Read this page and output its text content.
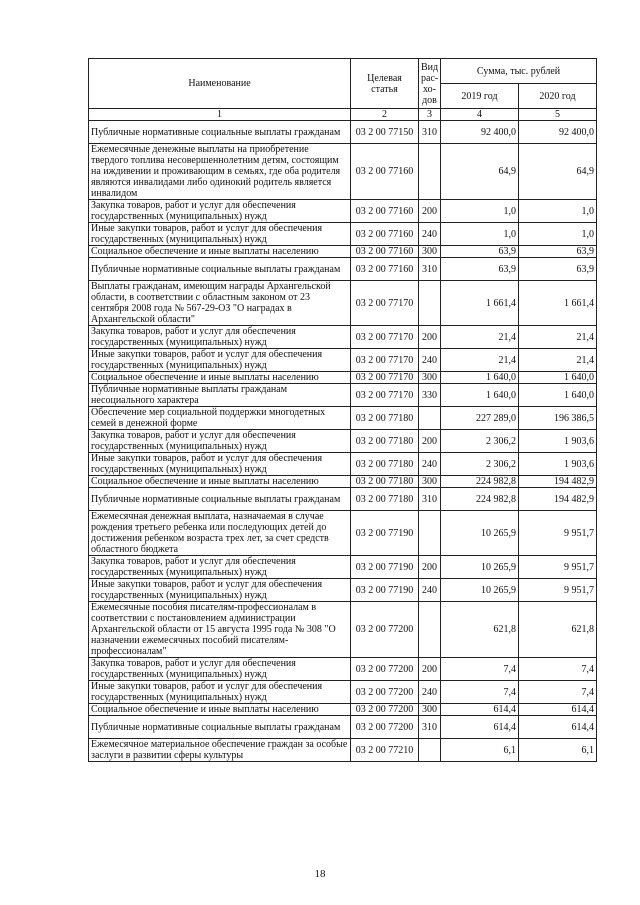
Наименование	Целевая статья	Вид рас-хо-дов	Сумма, тыс. рублей	
			2019 год	2020 год
1	2	3	4	5
Публичные нормативные социальные выплаты гражданам	03 2 00 77150	310	92 400,0	92 400,0
Ежемесячные денежные выплаты на приобретение твердого топлива несовершеннолетним детям, состоящим на иждивении и проживающим в семьях, где оба родителя являются инвалидами либо одинокий родитель является инвалидом	03 2 00 77160		64,9	64,9
Закупка товаров, работ и услуг для обеспечения государственных (муниципальных) нужд	03 2 00 77160	200	1,0	1,0
Иные закупки товаров, работ и услуг для обеспечения государственных (муниципальных) нужд	03 2 00 77160	240	1,0	1,0
Социальное обеспечение и иные выплаты населению	03 2 00 77160	300	63,9	63,9
Публичные нормативные социальные выплаты гражданам	03 2 00 77160	310	63,9	63,9
Выплаты гражданам, имеющим награды Архангельской области, в соответствии с областным законом от 23 сентября 2008 года № 567-29-ОЗ "О наградах в Архангельской области"	03 2 00 77170		1 661,4	1 661,4
Закупка товаров, работ и услуг для обеспечения государственных (муниципальных) нужд	03 2 00 77170	200	21,4	21,4
Иные закупки товаров, работ и услуг для обеспечения государственных (муниципальных) нужд	03 2 00 77170	240	21,4	21,4
Социальное обеспечение и иные выплаты населению	03 2 00 77170	300	1 640,0	1 640,0
Публичные нормативные выплаты гражданам несоциального характера	03 2 00 77170	330	1 640,0	1 640,0
Обеспечение мер социальной поддержки многодетных семей в денежной форме	03 2 00 77180		227 289,0	196 386,5
Закупка товаров, работ и услуг для обеспечения государственных (муниципальных) нужд	03 2 00 77180	200	2 306,2	1 903,6
Иные закупки товаров, работ и услуг для обеспечения государственных (муниципальных) нужд	03 2 00 77180	240	2 306,2	1 903,6
Социальное обеспечение и иные выплаты населению	03 2 00 77180	300	224 982,8	194 482,9
Публичные нормативные социальные выплаты гражданам	03 2 00 77180	310	224 982,8	194 482,9
Ежемесячная денежная выплата, назначаемая в случае рождения третьего ребенка или последующих детей до достижения ребенком возраста трех лет, за счет средств областного бюджета	03 2 00 77190		10 265,9	9 951,7
Закупка товаров, работ и услуг для обеспечения государственных (муниципальных) нужд	03 2 00 77190	200	10 265,9	9 951,7
Иные закупки товаров, работ и услуг для обеспечения государственных (муниципальных) нужд	03 2 00 77190	240	10 265,9	9 951,7
Ежемесячные пособия писателям-профессионалам в соответствии с постановлением администрации Архангельской области от 15 августа 1995 года № 308 "О назначении ежемесячных пособий писателям-профессионалам"	03 2 00 77200		621,8	621,8
Закупка товаров, работ и услуг для обеспечения государственных (муниципальных) нужд	03 2 00 77200	200	7,4	7,4
Иные закупки товаров, работ и услуг для обеспечения государственных (муниципальных) нужд	03 2 00 77200	240	7,4	7,4
Социальное обеспечение и иные выплаты населению	03 2 00 77200	300	614,4	614,4
Публичные нормативные социальные выплаты гражданам	03 2 00 77200	310	614,4	614,4
Ежемесячное материальное обеспечение граждан за особые заслуги в развитии сферы культуры	03 2 00 77210		6,1	6,1
18
